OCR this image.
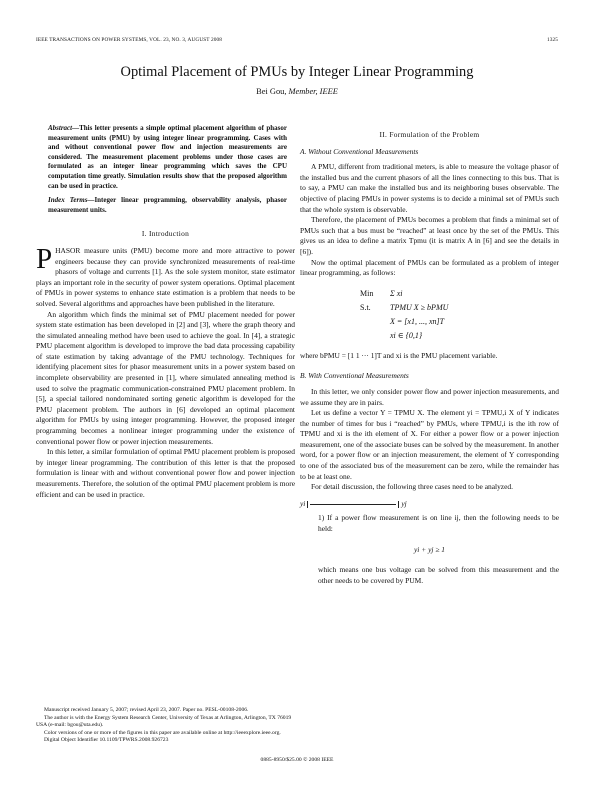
IEEE TRANSACTIONS ON POWER SYSTEMS, VOL. 23, NO. 3, AUGUST 2008	1325
Optimal Placement of PMUs by Integer Linear Programming
Bei Gou, Member, IEEE
Abstract—This letter presents a simple optimal placement algorithm of phasor measurement units (PMU) by using integer linear programming. Cases with and without conventional power flow and injection measurements are considered. The measurement placement problems under those cases are formulated as an integer linear programming which saves the CPU computation time greatly. Simulation results show that the proposed algorithm can be used in practice.
Index Terms—Integer linear programming, observability analysis, phasor measurement units.
I. Introduction

PHASOR measure units (PMU) become more and more attractive to power engineers because they can provide synchronized measurements of real-time phasors of voltage and currents [1]. As the sole system monitor, state estimator plays an important role in the security of power system operations. Optimal placement of PMUs in power systems to enhance state estimation is a problem that needs to be solved. Several algorithms and approaches have been published in the literature.

An algorithm which finds the minimal set of PMU placement needed for power system state estimation has been developed in [2] and [3], where the graph theory and the simulated annealing method have been used to achieve the goal. In [4], a strategic PMU placement algorithm is developed to improve the bad data processing capability of state estimation by taking advantage of the PMU technology. Techniques for identifying placement sites for phasor measurement units in a power system based on incomplete observability are presented in [1], where simulated annealing method is used to solve the pragmatic communication-constrained PMU placement problem. In [5], a special tailored nondominated sorting genetic algorithm is developed for the PMU placement problem. The authors in [6] developed an optimal placement algorithm for PMUs by using integer programming. However, the proposed integer programming becomes a nonlinear integer programming under the existence of conventional power flow or power injection measurements.

In this letter, a similar formulation of optimal PMU placement problem is proposed by integer linear programming. The contribution of this letter is that the proposed formulation is linear with and without conventional power flow and power injection measurements. Therefore, the solution of the optimal PMU placement problem is more efficient and can be used in practice.

Manuscript received January 5, 2007; revised April 23, 2007. Paper no. PESL-00108-2006.
The author is with the Energy System Research Center, University of Texas at Arlington, Arlington, TX 76019 USA (e-mail: bgou@uta.edu).
Color versions of one or more of the figures in this paper are available online at http://ieeexplore.ieee.org.
Digital Object Identifier 10.1109/TPWRS.2008.926723
II. Formulation of the Problem
A. Without Conventional Measurements

A PMU, different from traditional meters, is able to measure the voltage phasor of the installed bus and the current phasors of all the lines connecting to this bus. That is to say, a PMU can make the installed bus and its neighboring buses observable. The objective of placing PMUs in power systems is to decide a minimal set of PMUs such that the whole system is observable.

Therefore, the placement of PMUs becomes a problem that finds a minimal set of PMUs such that a bus must be “reached” at least once by the set of the PMUs. This gives us an idea to define a matrix Tpmu (it is matrix A in [6] and see the details in [6]).

Now the optimal placement of PMUs can be formulated as a problem of integer linear programming, as follows:

Min	Σ xi
S.t.	TPMU X ≥ bPMU
X = [x1, ..., xn]T
xi ∈ {0,1}

where bPMU = [1 1 ··· 1]T and xi is the PMU placement variable.

B. With Conventional Measurements

In this letter, we only consider power flow and power injection measurements, and we assume they are in pairs.

Let us define a vector Y = TPMU X. The element yi = TPMU,i X of Y indicates the number of times for bus i “reached” by PMUs, where TPMU,i is the ith row of TPMU and xi is the ith element of X. For either a power flow or a power injection measurement, one of the associate buses can be solved by the measurement. In another word, for a power flow or an injection measurement, the element of Y corresponding to one of the associated bus of the measurement can be zero, while the remainder has to be at least one.

For detail discussion, the following three cases need to be analyzed.

yi	yj

1) If a power flow measurement is on line ij, then the following needs to be held:

yi + yj ≥ 1

which means one bus voltage can be solved from this measurement and the other needs to be covered by PUM.

0885-8950/$25.00 © 2008 IEEE
